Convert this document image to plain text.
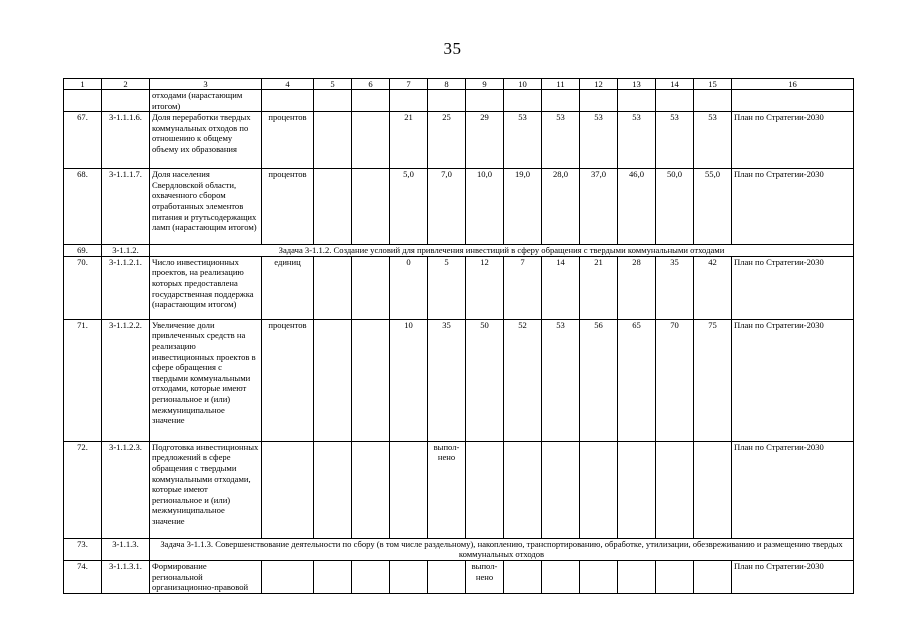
35
1	2	3	4	5	6	7	8	9	10	11	12	13	14	15	16
		отходами (нарастающим итогом)													
67.	3-1.1.1.6.	Доля переработки твердых коммунальных отходов по отношению к общему объему их образования	процентов			21	25	29	53	53	53	53	53	53	План по Стратегии-2030
68.	3-1.1.1.7.	Доля населения Свердловской области, охваченного сбором отработанных элементов питания и ртутьсодержащих ламп (нарастающим итогом)	процентов			5,0	7,0	10,0	19,0	28,0	37,0	46,0	50,0	55,0	План по Стратегии-2030
69.	3-1.1.2.	Задача 3-1.1.2. Создание условий для привлечения инвестиций в сферу обращения с твердыми коммунальными отходами													
70.	3-1.1.2.1.	Число инвестиционных проектов, на реализацию которых предоставлена государственная поддержка (нарастающим итогом)	единиц			0	5	12	7	14	21	28	35	42	План по Стратегии-2030
71.	3-1.1.2.2.	Увеличение доли привлеченных средств на реализацию инвестиционных проектов в сфере обращения с твердыми коммунальными отходами, которые имеют региональное и (или) межмуниципальное значение	процентов			10	35	50	52	53	56	65	70	75	План по Стратегии-2030
72.	3-1.1.2.3.	Подготовка инвестиционных предложений в сфере обращения с твердыми коммунальными отходами, которые имеют региональное и (или) межмуниципальное значение					выпол-нено								План по Стратегии-2030
73.	3-1.1.3.	Задача 3-1.1.3. Совершенствование деятельности по сбору (в том числе раздельному), накоплению, транспортированию, обработке, утилизации, обезвреживанию и размещению твердых коммунальных отходов													
74.	3-1.1.3.1.	Формирование региональной организационно-правовой						выпол-нено							План по Стратегии-2030
